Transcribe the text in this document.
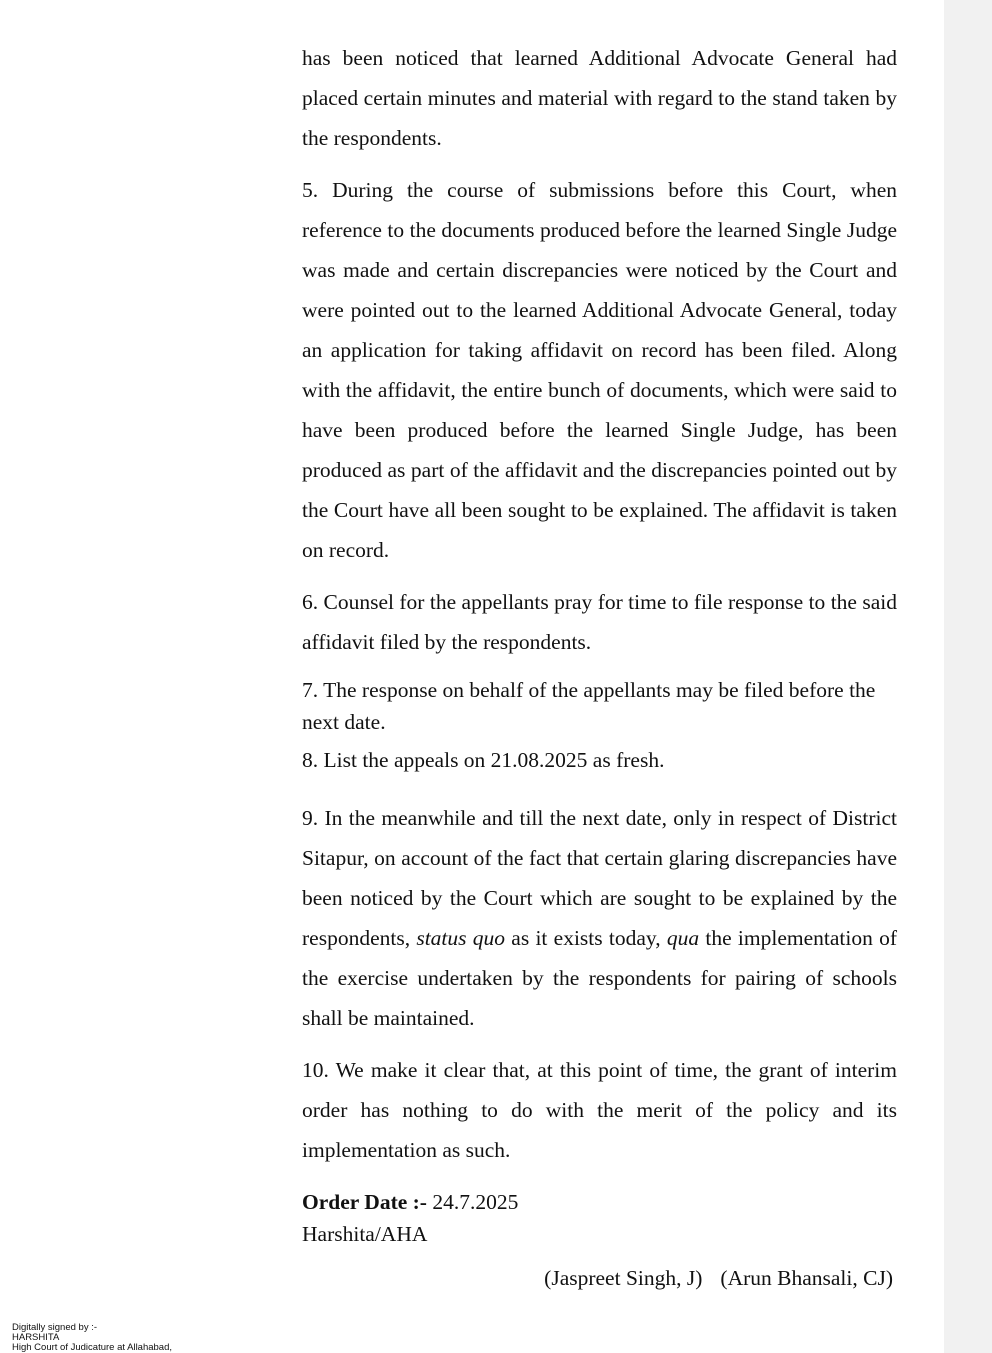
has been noticed that learned Additional Advocate General had placed certain minutes and material with regard to the stand taken by the respondents.

5. During the course of submissions before this Court, when reference to the documents produced before the learned Single Judge was made and certain discrepancies were noticed by the Court and were pointed out to the learned Additional Advocate General, today an application for taking affidavit on record has been filed. Along with the affidavit, the entire bunch of documents, which were said to have been produced before the learned Single Judge, has been produced as part of the affidavit and the discrepancies pointed out by the Court have all been sought to be explained. The affidavit is taken on record.

6. Counsel for the appellants pray for time to file response to the said affidavit filed by the respondents.

7. The response on behalf of the appellants may be filed before the next date.

8. List the appeals on 21.08.2025 as fresh.

9. In the meanwhile and till the next date, only in respect of District Sitapur, on account of the fact that certain glaring discrepancies have been noticed by the Court which are sought to be explained by the respondents, status quo as it exists today, qua the implementation of the exercise undertaken by the respondents for pairing of schools shall be maintained.

10. We make it clear that, at this point of time, the grant of interim order has nothing to do with the merit of the policy and its implementation as such.

Order Date :- 24.7.2025
Harshita/AHA
(Jaspreet Singh, J) (Arun Bhansali, CJ)
Digitally signed by :-
HARSHITA
High Court of Judicature at Allahabad,
